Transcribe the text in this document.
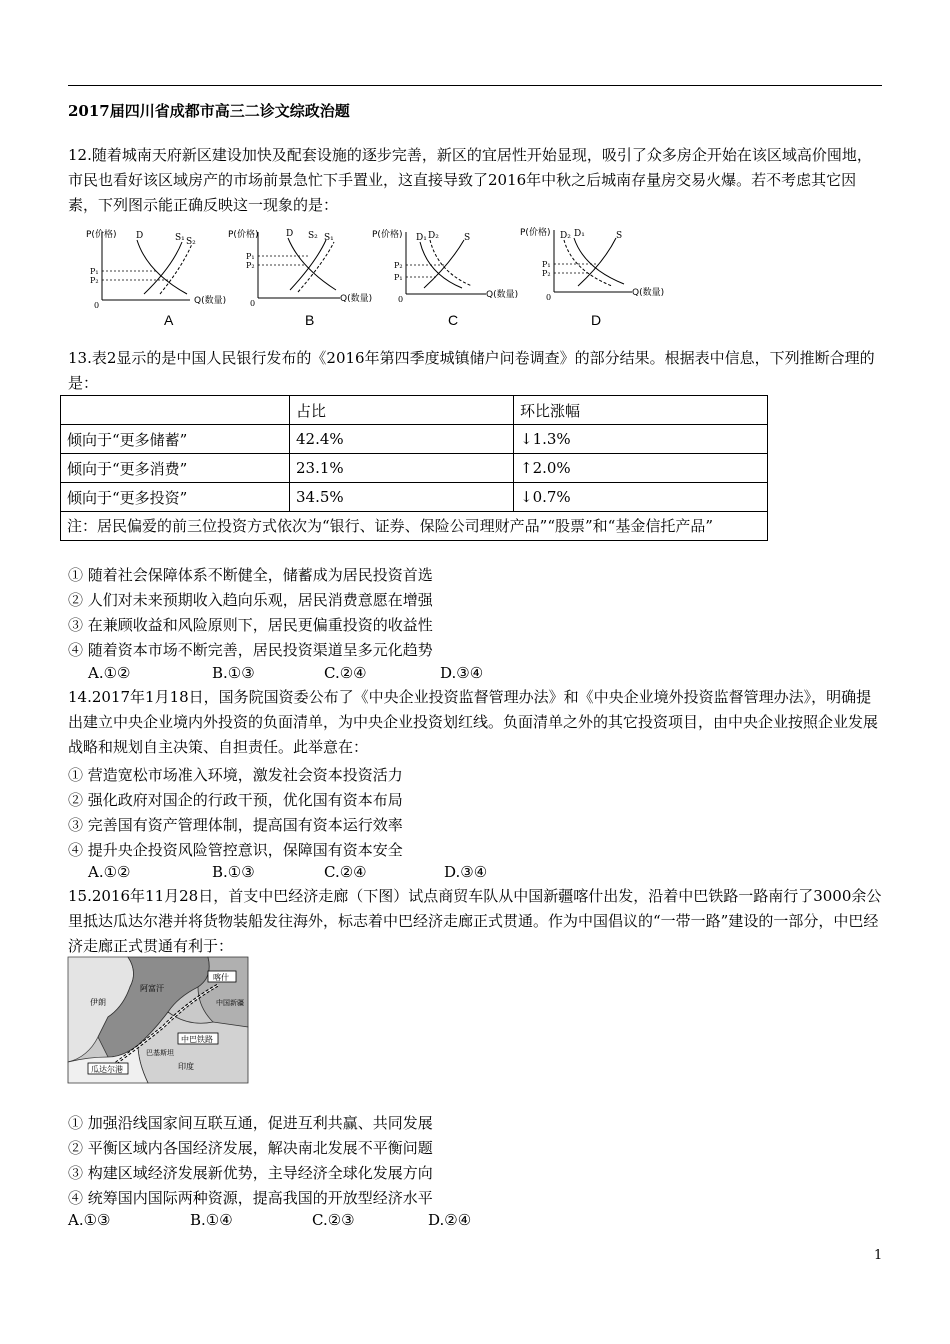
2017届四川省成都市高三二诊文综政治题

12.随着城南天府新区建设加快及配套设施的逐步完善，新区的宜居性开始显现，吸引了众多房企开始在该区域高价囤地，市民也看好该区域房产的市场前景急忙下手置业，这直接导致了2016年中秋之后城南存量房交易火爆。若不考虑其它因素，下列图示能正确反映这一现象的是：

P(价格)
Q(数量)
0
P₁
P₂
D	S₁ S₂
A
P(价格)
Q(数量)
0
P₁
P₂
D S₂ S₁
B
P(价格)
Q(数量)
0
P₂
P₁
D₁ D₂	S
C
P(价格)
Q(数量)
0
P₁
P₂
D₂ D₁	S
D

13.表2显示的是中国人民银行发布的《2016年第四季度城镇储户问卷调查》的部分结果。根据表中信息，下列推断合理的是：

	占比	环比涨幅
倾向于“更多储蓄”	42.4%	↓1.3%
倾向于“更多消费”	23.1%	↑2.0%
倾向于“更多投资”	34.5%	↓0.7%
注：居民偏爱的前三位投资方式依次为“银行、证券、保险公司理财产品”“股票”和“基金信托产品”		
① 随着社会保障体系不断健全，储蓄成为居民投资首选
② 人们对未来预期收入趋向乐观，居民消费意愿在增强
③ 在兼顾收益和风险原则下，居民更偏重投资的收益性
④ 随着资本市场不断完善，居民投资渠道呈多元化趋势
A.①②	B.①③	C.②④	D.③④

14.2017年1月18日，国务院国资委公布了《中央企业投资监督管理办法》和《中央企业境外投资监督管理办法》，明确提出建立中央企业境内外投资的负面清单，为中央企业投资划红线。负面清单之外的其它投资项目，由中央企业按照企业发展战略和规划自主决策、自担责任。此举意在：

① 营造宽松市场准入环境，激发社会资本投资活力
② 强化政府对国企的行政干预，优化国有资本布局
③ 完善国有资产管理体制，提高国有资本运行效率
④ 提升央企投资风险管控意识，保障国有资本安全
A.①②	B.①③	C.②④	D.③④

15.2016年11月28日，首支中巴经济走廊（下图）试点商贸车队从中国新疆喀什出发，沿着中巴铁路一路南行了3000余公里抵达瓜达尔港并将货物装船发往海外，标志着中巴经济走廊正式贯通。作为中国倡议的“一带一路”建设的一部分，中巴经济走廊正式贯通有利于：

喀什
伊朗
阿富汗
中国新疆
中巴铁路
巴基斯坦
瓜达尔港	印度
① 加强沿线国家间互联互通，促进互利共赢、共同发展
② 平衡区域内各国经济发展，解决南北发展不平衡问题
③ 构建区域经济发展新优势，主导经济全球化发展方向
④ 统筹国内国际两种资源，提高我国的开放型经济水平
A.①③	B.①④	C.②③	D.②④
1
